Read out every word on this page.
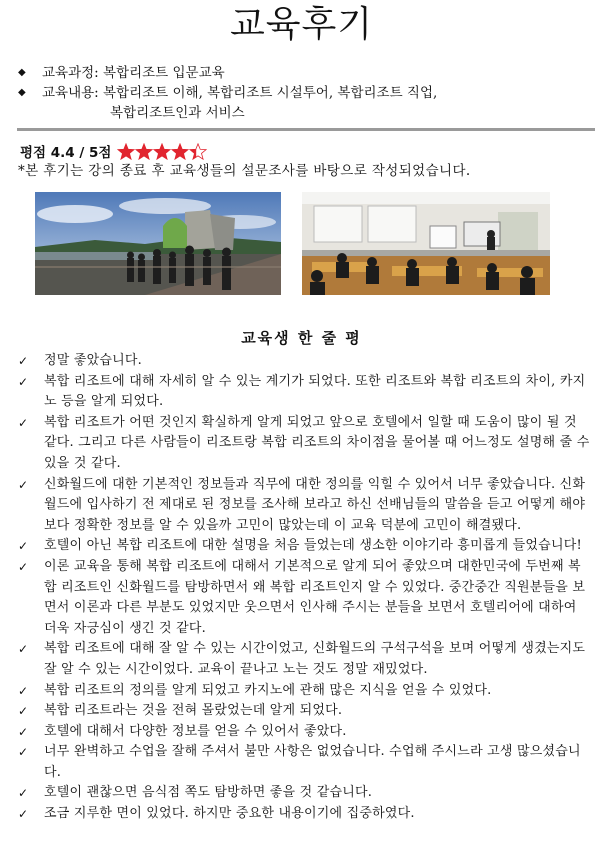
교육후기
◆	교육과정: 복합리조트 입문교육
◆	교육내용: 복합리조트 이해, 복합리조트 시설투어, 복합리조트 직업,
복합리조트인과 서비스
평점 4.4 / 5점
*본 후기는 강의 종료 후 교육생들의 설문조사를 바탕으로 작성되었습니다.
교육생 한 줄 평
✓	정말 좋았습니다.
✓	복합 리조트에 대해 자세히 알 수 있는 계기가 되었다. 또한 리조트와 복합 리조트의 차이, 카지노 등을 알게 되었다.
✓	복합 리조트가 어떤 것인지 확실하게 알게 되었고 앞으로 호텔에서 일할 때 도움이 많이 될 것 같다. 그리고 다른 사람들이 리조트랑 복합 리조트의 차이점을 물어볼 때 어느정도 설명해 줄 수 있을 것 같다.
✓	신화월드에 대한 기본적인 정보들과 직무에 대한 정의를 익힐 수 있어서 너무 좋았습니다. 신화월드에 입사하기 전 제대로 된 정보를 조사해 보라고 하신 선배님들의 말씀을 듣고 어떻게 해야 보다 정확한 정보를 알 수 있을까 고민이 많았는데 이 교육 덕분에 고민이 해결됐다.
✓	호텔이 아닌 복합 리조트에 대한 설명을 처음 들었는데 생소한 이야기라 흥미롭게 들었습니다!
✓	이론 교육을 통해 복합 리조트에 대해서 기본적으로 알게 되어 좋았으며 대한민국에 두번째 복합 리조트인 신화월드를 탐방하면서 왜 복합 리조트인지 알 수 있었다. 중간중간 직원분들을 보면서 이론과 다른 부분도 있었지만 웃으면서 인사해 주시는 분들을 보면서 호텔리어에 대하여 더욱 자긍심이 생긴 것 같다.
✓	복합 리조트에 대해 잘 알 수 있는 시간이었고, 신화월드의 구석구석을 보며 어떻게 생겼는지도 잘 알 수 있는 시간이었다. 교육이 끝나고 노는 것도 정말 재밌었다.
✓	복합 리조트의 정의를 알게 되었고 카지노에 관해 많은 지식을 얻을 수 있었다.
✓	복합 리조트라는 것을 전혀 몰랐었는데 알게 되었다.
✓	호텔에 대해서 다양한 정보를 얻을 수 있어서 좋았다.
✓	너무 완벽하고 수업을 잘해 주셔서 불만 사항은 없었습니다. 수업해 주시느라 고생 많으셨습니다.
✓	호텔이 괜찮으면 음식점 쪽도 탐방하면 좋을 것 같습니다.
✓	조금 지루한 면이 있었다. 하지만 중요한 내용이기에 집중하였다.
